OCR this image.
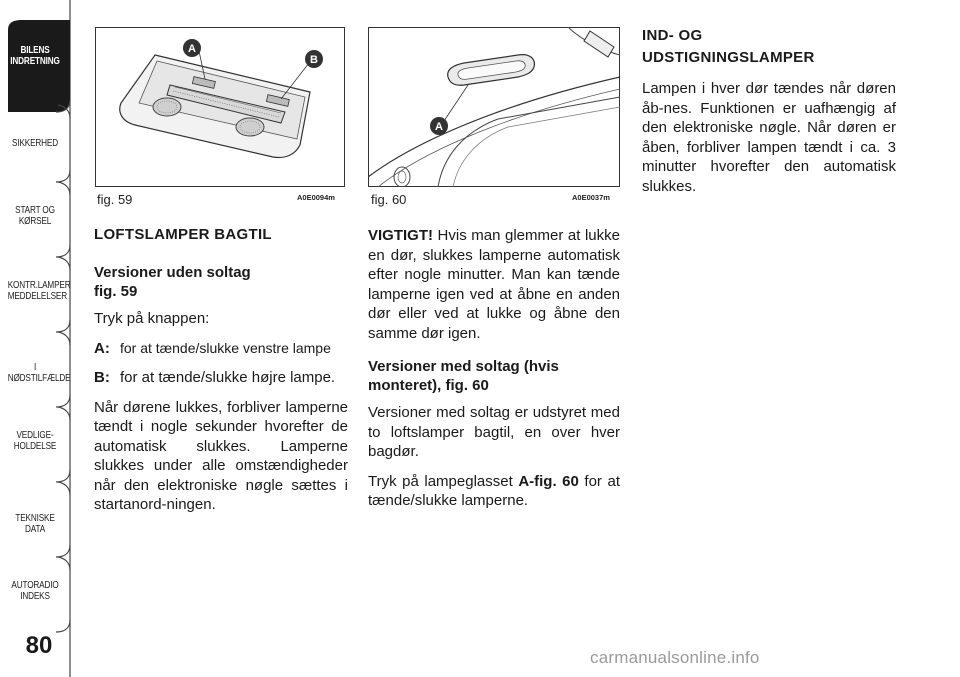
BILENS
INDRETNING
SIKKERHED
START OG
KØRSEL
KONTR.LAMPER
MEDDELELSER
I NØDSTILFÆLDE
VEDLIGE-
HOLDELSE
TEKNISKE DATA
AUTORADIO
INDEKS
80
A
B
fig. 59	A0E0094m
A
fig. 60	A0E0037m
LOFTSLAMPER BAGTIL
Versioner uden soltag
fig. 59

Tryk på knappen:

A: for at tænde/slukke venstre lampe
B: for at tænde/slukke højre lampe.

Når dørene lukkes, forbliver lamperne tændt i nogle sekunder hvorefter de automatisk slukkes. Lamperne slukkes under alle omstændigheder når den elektroniske nøgle sættes i startanord-ningen.

VIGTIGT! Hvis man glemmer at lukke en dør, slukkes lamperne automatisk efter nogle minutter. Man kan tænde lamperne igen ved at åbne en anden dør eller ved at lukke og åbne den samme dør igen.

Versioner med soltag (hvis monteret), fig. 60

Versioner med soltag er udstyret med to loftslamper bagtil, en over hver bagdør.

Tryk på lampeglasset A-fig. 60 for at tænde/slukke lamperne.

IND- OG
UDSTIGNINGSLAMPER

Lampen i hver dør tændes når døren åb-nes. Funktionen er uafhængig af den elektroniske nøgle. Når døren er åben, forbliver lampen tændt i ca. 3 minutter hvorefter den automatisk slukkes.

carmanualsonline.info
